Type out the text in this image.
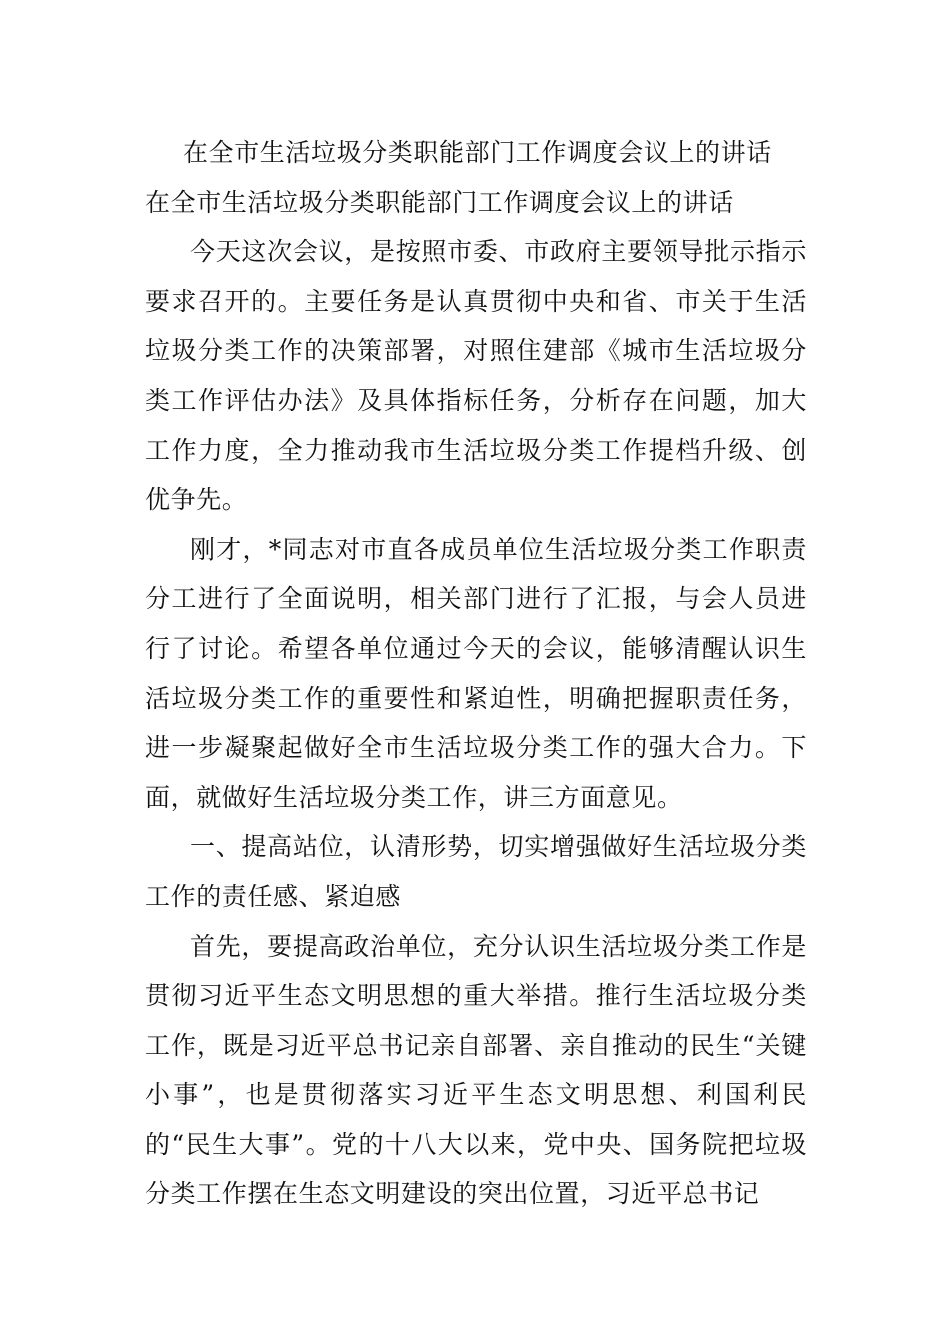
在全市生活垃圾分类职能部门工作调度会议上的讲话

在全市生活垃圾分类职能部门工作调度会议上的讲话

今天这次会议，是按照市委、市政府主要领导批示指示要求召开的。主要任务是认真贯彻中央和省、市关于生活垃圾分类工作的决策部署，对照住建部《城市生活垃圾分类工作评估办法》及具体指标任务，分析存在问题，加大工作力度，全力推动我市生活垃圾分类工作提档升级、创优争先。

刚才，*同志对市直各成员单位生活垃圾分类工作职责分工进行了全面说明，相关部门进行了汇报，与会人员进行了讨论。希望各单位通过今天的会议，能够清醒认识生活垃圾分类工作的重要性和紧迫性，明确把握职责任务，进一步凝聚起做好全市生活垃圾分类工作的强大合力。下面，就做好生活垃圾分类工作，讲三方面意见。

一、提高站位，认清形势，切实增强做好生活垃圾分类工作的责任感、紧迫感

首先，要提高政治单位，充分认识生活垃圾分类工作是贯彻习近平生态文明思想的重大举措。推行生活垃圾分类工作，既是习近平总书记亲自部署、亲自推动的民生“关键小事”，也是贯彻落实习近平生态文明思想、利国利民的“民生大事”。党的十八大以来，党中央、国务院把垃圾分类工作摆在生态文明建设的突出位置，习近平总书记
